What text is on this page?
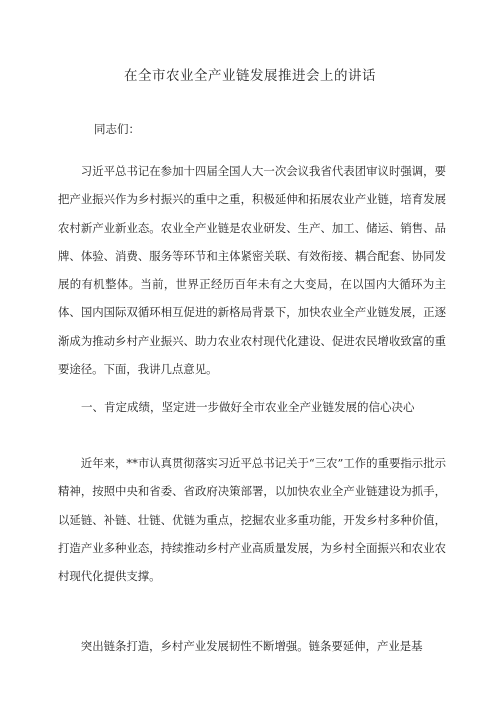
在全市农业全产业链发展推进会上的讲话
同志们：

习近平总书记在参加十四届全国人大一次会议我省代表团审议时强调，要把产业振兴作为乡村振兴的重中之重，积极延伸和拓展农业产业链，培育发展农村新产业新业态。农业全产业链是农业研发、生产、加工、储运、销售、品牌、体验、消费、服务等环节和主体紧密关联、有效衔接、耦合配套、协同发展的有机整体。当前，世界正经历百年未有之大变局，在以国内大循环为主体、国内国际双循环相互促进的新格局背景下，加快农业全产业链发展，正逐渐成为推动乡村产业振兴、助力农业农村现代化建设、促进农民增收致富的重要途径。下面，我讲几点意见。

一、肯定成绩，坚定进一步做好全市农业全产业链发展的信心决心

近年来，**市认真贯彻落实习近平总书记关于“三农”工作的重要指示批示精神，按照中央和省委、省政府决策部署，以加快农业全产业链建设为抓手，以延链、补链、壮链、优链为重点，挖掘农业多重功能，开发乡村多种价值，打造产业多种业态，持续推动乡村产业高质量发展，为乡村全面振兴和农业农村现代化提供支撑。

突出链条打造，乡村产业发展韧性不断增强。链条要延伸，产业是基
